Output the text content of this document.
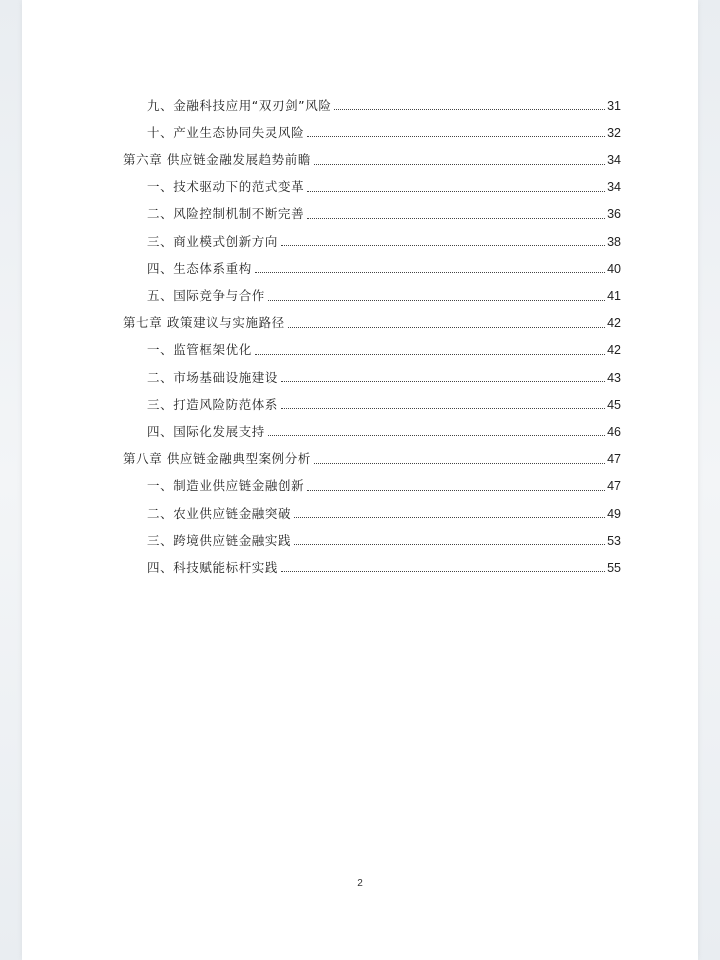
九、金融科技应用“双刃剑”风险	31
十、产业生态协同失灵风险	32
第六章 供应链金融发展趋势前瞻	34
一、技术驱动下的范式变革	34
二、风险控制机制不断完善	36
三、商业模式创新方向	38
四、生态体系重构	40
五、国际竞争与合作	41
第七章 政策建议与实施路径	42
一、监管框架优化	42
二、市场基础设施建设	43
三、打造风险防范体系	45
四、国际化发展支持	46
第八章 供应链金融典型案例分析	47
一、制造业供应链金融创新	47
二、农业供应链金融突破	49
三、跨境供应链金融实践	53
四、科技赋能标杆实践	55
2
